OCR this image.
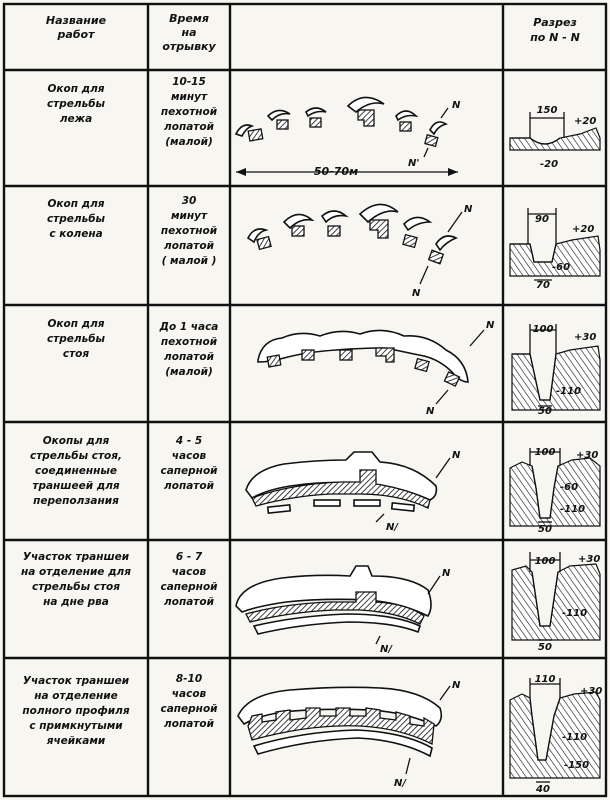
Название
работ
Время
на
отрывку
Разрез
по N - N
Окоп для
стрельбы
лежа
10-15
минут
пехотной
лопатой
(малой)
Окоп для
стрельбы
с колена
30
минут
пехотной
лопатой
( малой )
Окоп для
стрельбы
стоя
До 1 часа
пехотной
лопатой
(малой)
Окопы для
стрельбы стоя,
соединенные
траншеей для
переползания
4 - 5
часов
саперной
лопатой
Участок траншеи
на отделение для
стрельбы стоя
на дне рва
6 - 7
часов
саперной
лопатой
Участок траншеи
на отделение
полного профиля
с примкнутыми
ячейками
8-10
часов
саперной
лопатой
N
N'
50-70м
N
N
N
N
N
N/
N
N/
N
N/
150
+20
-20
90
+20
-60
70
100
+30
-110
50
100 +30
-60
-110
50
100 +30
-110
50
110
+30
-110
-150
40
